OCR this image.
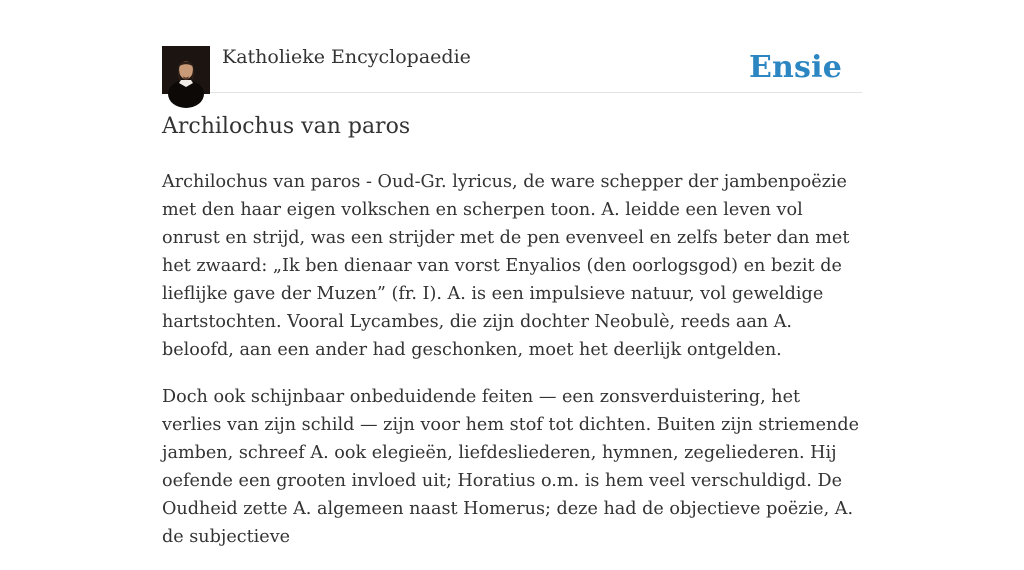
Katholieke Encyclopaedie	Ensie
Archilochus van paros

Archilochus van paros - Oud-Gr. lyricus, de ware schepper der jambenpoëzie met den haar eigen volkschen en scherpen toon. A. leidde een leven vol onrust en strijd, was een strijder met de pen evenveel en zelfs beter dan met het zwaard: „Ik ben dienaar van vorst Enyalios (den oorlogsgod) en bezit de lieflijke gave der Muzen” (fr. I). A. is een impulsieve natuur, vol geweldige hartstochten. Vooral Lycambes, die zijn dochter Neobulè, reeds aan A. beloofd, aan een ander had geschonken, moet het deerlijk ontgelden.

Doch ook schijnbaar onbeduidende feiten — een zonsverduistering, het verlies van zijn schild — zijn voor hem stof tot dichten. Buiten zijn striemende jamben, schreef A. ook elegieën, liefdesliederen, hymnen, zegeliederen. Hij oefende een grooten invloed uit; Horatius o.m. is hem veel verschuldigd. De Oudheid zette A. algemeen naast Homerus; deze had de objectieve poëzie, A. de subjectieve
